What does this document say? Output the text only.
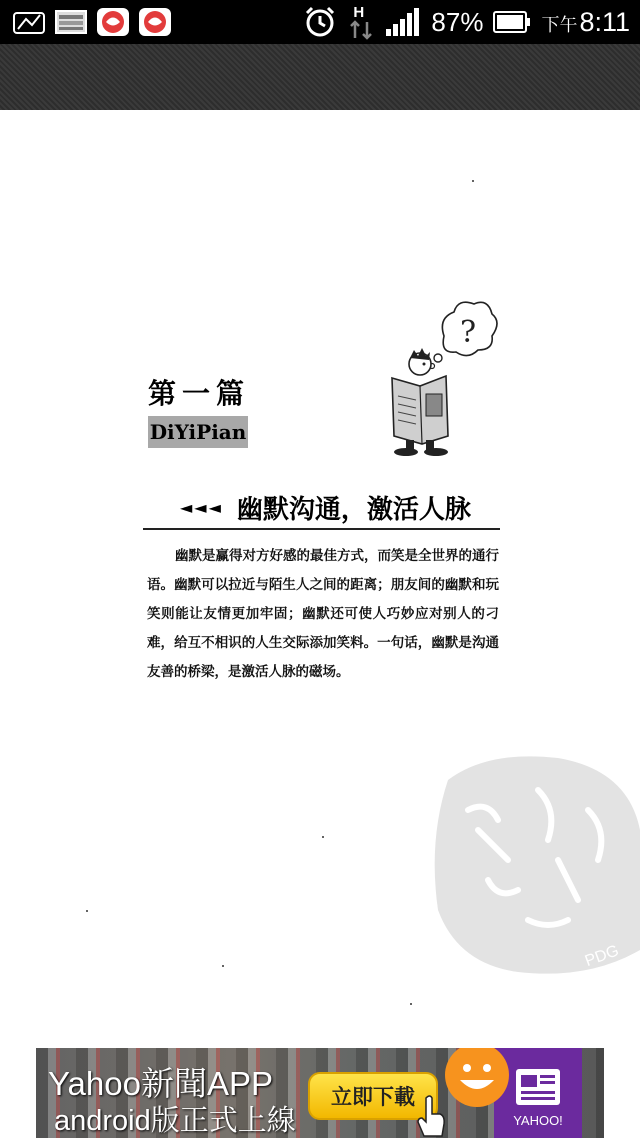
H	87%	下午8:11
第一篇
DiYiPian
?
◄◄◄ 幽默沟通，激活人脉
幽默是赢得对方好感的最佳方式，而笑是全世界的通行语。幽默可以拉近与陌生人之间的距离；朋友间的幽默和玩笑则能让友情更加牢固；幽默还可使人巧妙应对别人的刁难，给互不相识的人生交际添加笑料。一句话，幽默是沟通友善的桥梁，是激活人脉的磁场。
PDG
Yahoo新聞APP
android版正式上線
立即下載
YAHOO!
